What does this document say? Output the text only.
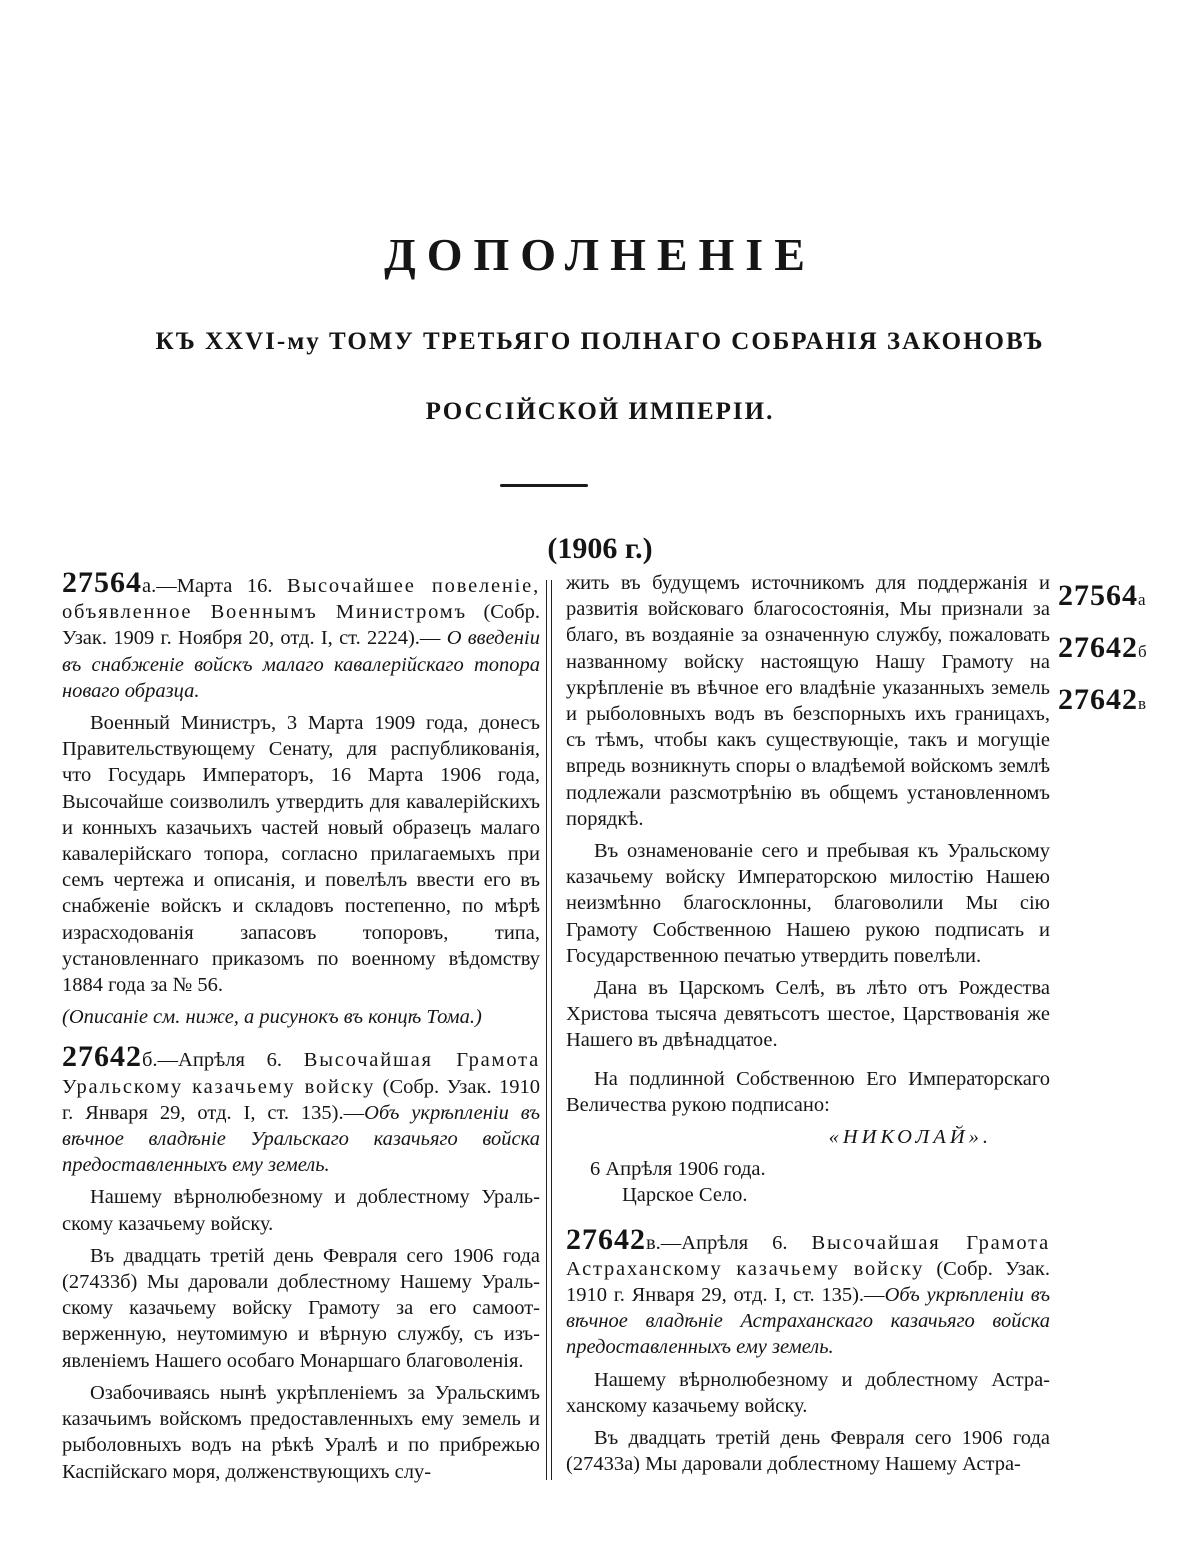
ДОПОЛНЕНІЕ
КЪ XXVI-му ТОМУ ТРЕТЬЯГО ПОЛНАГО СОБРАНІЯ ЗАКОНОВЪ
РОССІЙСКОЙ ИМПЕРІИ.
(1906 г.)

27564а.—Марта 16. Высочайшее повеленiе, объявленное Военнымъ Министромъ (Собр. Узак. 1909 г. Ноября 20, отд. I, ст. 2224).— О введенiи въ снабженiе войскъ малаго кавалерiйскаго топора новаго образца.

Военный Министръ, 3 Марта 1909 года, донесъ Правительствующему Сенату, для распубликованiя, что Государь Императоръ, 16 Марта 1906 года, Высочайше соизволилъ утвердить для кавалерiйскихъ и конныхъ казачьихъ частей новый образецъ малаго кавалерiйскаго топора, согласно прилагаемыхъ при семъ чертежа и описанiя, и повелѣлъ ввести его въ снабженiе войскъ и складовъ постепенно, по мѣрѣ израсходованiя запасовъ топоровъ, типа, установленнаго приказомъ по военному вѣдомству 1884 года за № 56.

(Описанiе см. ниже, а рисунокъ въ концѣ Тома.)

27642б.—Апрѣля 6. Высочайшая Грамота Уральскому казачьему войску (Собр. Узак. 1910 г. Января 29, отд. I, ст. 135).—Объ укрѣпленiи въ вѣчное владѣнiе Уральскаго казачьяго войска предоставленныхъ ему земель.

Нашему вѣрнолюбезному и доблестному Уральскому казачьему войску.

Въ двадцать третiй день Февраля сего 1906 года (27433б) Мы даровали доблестному Нашему Уральскому казачьему войску Грамоту за его самоотверженную, неутомимую и вѣрную службу, съ изъявленiемъ Нашего особаго Монаршаго благоволенiя.

Озабочиваясь нынѣ укрѣпленiемъ за Уральскимъ казачьимъ войскомъ предоставленныхъ ему земель и рыболовныхъ водъ на рѣкѣ Уралѣ и по прибрежью Каспiйскаго моря, долженствующихъ слу-

жить въ будущемъ источникомъ для поддержанiя и развитiя войсковаго благосостоянiя, Мы признали за благо, въ воздаянiе за означенную службу, пожаловать названному войску настоящую Нашу Грамоту на укрѣпленiе въ вѣчное его владѣнiе указанныхъ земель и рыболовныхъ водъ въ безспорныхъ ихъ границахъ, съ тѣмъ, чтобы какъ существующiе, такъ и могущiе впредь возникнуть споры о владѣемой войскомъ землѣ подлежали разсмотрѣнiю въ общемъ установленномъ порядкѣ.

Въ ознаменованiе сего и пребывая къ Уральскому казачьему войску Императорскою милостiю Нашею неизмѣнно благосклонны, благоволили Мы сiю Грамоту Собственною Нашею рукою подписать и Государственною печатью утвердить повелѣли.

Дана въ Царскомъ Селѣ, въ лѣто отъ Рождества Христова тысяча девятьсотъ шестое, Царствованiя же Нашего въ двѣнадцатое.

На подлинной Собственною Его Императорскаго Величества рукою подписано:

«НИКОЛАЙ».

6 Апрѣля 1906 года.

Царское Село.

27642в.—Апрѣля 6. Высочайшая Грамота Астраханскому казачьему войску (Собр. Узак. 1910 г. Января 29, отд. I, ст. 135).—Объ укрѣпленiи въ вѣчное владѣнiе Астраханскаго казачьяго войска предоставленныхъ ему земель.

Нашему вѣрнолюбезному и доблестному Астраханскому казачьему войску.

Въ двадцать третiй день Февраля сего 1906 года (27433а) Мы даровали доблестному Нашему Астра-

27564а
27642б
27642в
